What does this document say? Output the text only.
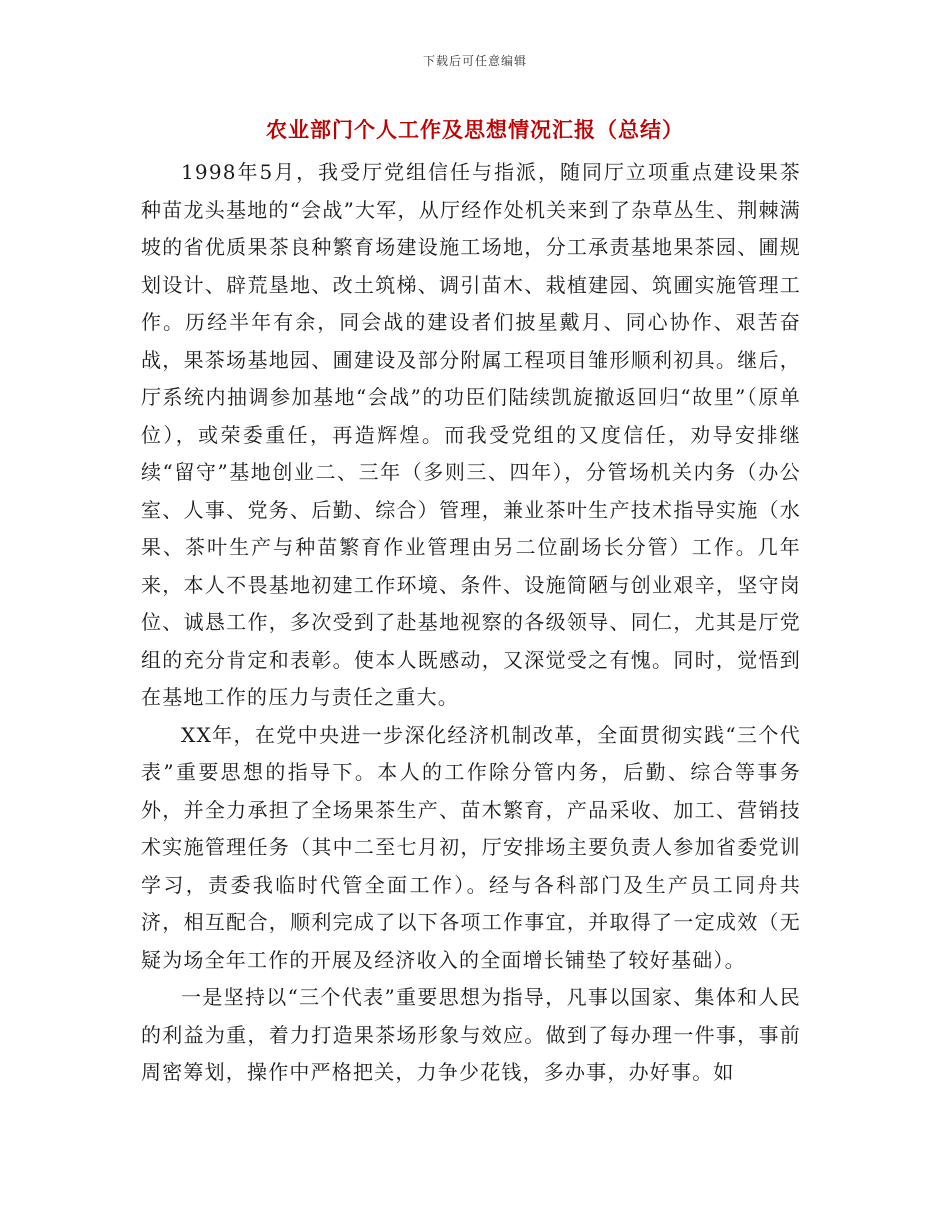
下载后可任意编辑
农业部门个人工作及思想情况汇报（总结）

1998年5月，我受厅党组信任与指派，随同厅立项重点建设果茶种苗龙头基地的“会战”大军，从厅经作处机关来到了杂草丛生、荆棘满坡的省优质果茶良种繁育场建设施工场地，分工承责基地果茶园、圃规划设计、辟荒垦地、改土筑梯、调引苗木、栽植建园、筑圃实施管理工作。历经半年有余，同会战的建设者们披星戴月、同心协作、艰苦奋战，果茶场基地园、圃建设及部分附属工程项目雏形顺利初具。继后，厅系统内抽调参加基地“会战”的功臣们陆续凯旋撤返回归“故里”（原单位），或荣委重任，再造辉煌。而我受党组的又度信任，劝导安排继续“留守”基地创业二、三年（多则三、四年），分管场机关内务（办公室、人事、党务、后勤、综合）管理，兼业茶叶生产技术指导实施（水果、茶叶生产与种苗繁育作业管理由另二位副场长分管）工作。几年来，本人不畏基地初建工作环境、条件、设施简陋与创业艰辛，坚守岗位、诚恳工作，多次受到了赴基地视察的各级领导、同仁，尤其是厅党组的充分肯定和表彰。使本人既感动，又深觉受之有愧。同时，觉悟到在基地工作的压力与责任之重大。

XX年，在党中央进一步深化经济机制改革，全面贯彻实践“三个代表”重要思想的指导下。本人的工作除分管内务，后勤、综合等事务外，并全力承担了全场果茶生产、苗木繁育，产品采收、加工、营销技术实施管理任务（其中二至七月初，厅安排场主要负责人参加省委党训学习，责委我临时代管全面工作）。经与各科部门及生产员工同舟共济，相互配合，顺利完成了以下各项工作事宜，并取得了一定成效（无疑为场全年工作的开展及经济收入的全面增长铺垫了较好基础）。

一是坚持以“三个代表”重要思想为指导，凡事以国家、集体和人民的利益为重，着力打造果茶场形象与效应。做到了每办理一件事，事前周密筹划，操作中严格把关，力争少花钱，多办事，办好事。如
